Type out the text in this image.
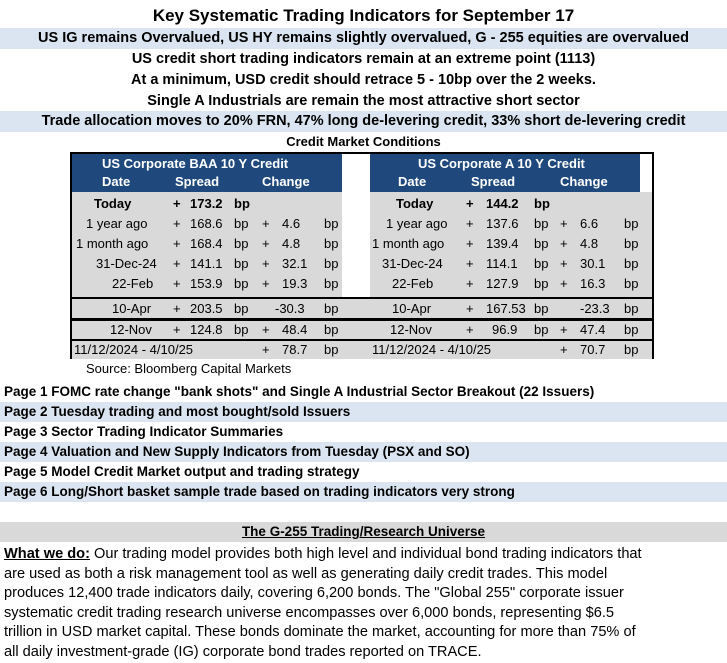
Key Systematic Trading Indicators for September 17
US IG remains Overvalued, US HY remains slightly overvalued, G - 255 equities are overvalued
US credit short trading indicators remain at an extreme point (1113)
At a minimum, USD credit should retrace 5 - 10bp over the 2 weeks.
Single A Industrials are remain the most attractive short sector
Trade allocation moves to 20% FRN, 47% long de-levering credit, 33% short de-levering credit
Credit Market Conditions
US Corporate BAA 10 Y Credit
Date	Spread	Change
US Corporate A 10 Y Credit
Date	Spread	Change
Today	+ 173.2 bp
1 year ago + 168.6 bp + 4.6 bp
1 month ago + 168.4 bp + 4.8 bp
31-Dec-24 + 141.1 bp + 32.1 bp
22-Feb + 153.9 bp + 19.3 bp
10-Apr + 203.5 bp -30.3 bp
12-Nov + 124.8 bp + 48.4 bp
11/12/2024 - 4/10/25	+ 78.7 bp
Today	+ 144.2 bp
1 year ago + 137.6 bp + 6.6 bp
1 month ago + 139.4 bp + 4.8 bp
31-Dec-24 + 114.1 bp + 30.1 bp
22-Feb	+ 127.9 bp + 16.3 bp
10-Apr	+ 167.53 bp -23.3 bp
12-Nov	+ 96.9 bp + 47.4 bp
11/12/2024 - 4/10/25	+ 70.7 bp
Source: Bloomberg Capital Markets
Page 1 FOMC rate change "bank shots" and Single A Industrial Sector Breakout (22 Issuers)
Page 2 Tuesday trading and most bought/sold Issuers
Page 3 Sector Trading Indicator Summaries
Page 4 Valuation and New Supply Indicators from Tuesday (PSX and SO)
Page 5 Model Credit Market output and trading strategy
Page 6 Long/Short basket sample trade based on trading indicators very strong
The G-255 Trading/Research Universe
What we do: Our trading model provides both high level and individual bond trading indicators that
are used as both a risk management tool as well as generating daily credit trades. This model
produces 12,400 trade indicators daily, covering 6,200 bonds. The "Global 255" corporate issuer
systematic credit trading research universe encompasses over 6,000 bonds, representing $6.5
trillion in USD market capital. These bonds dominate the market, accounting for more than 75% of
all daily investment-grade (IG) corporate bond trades reported on TRACE.
